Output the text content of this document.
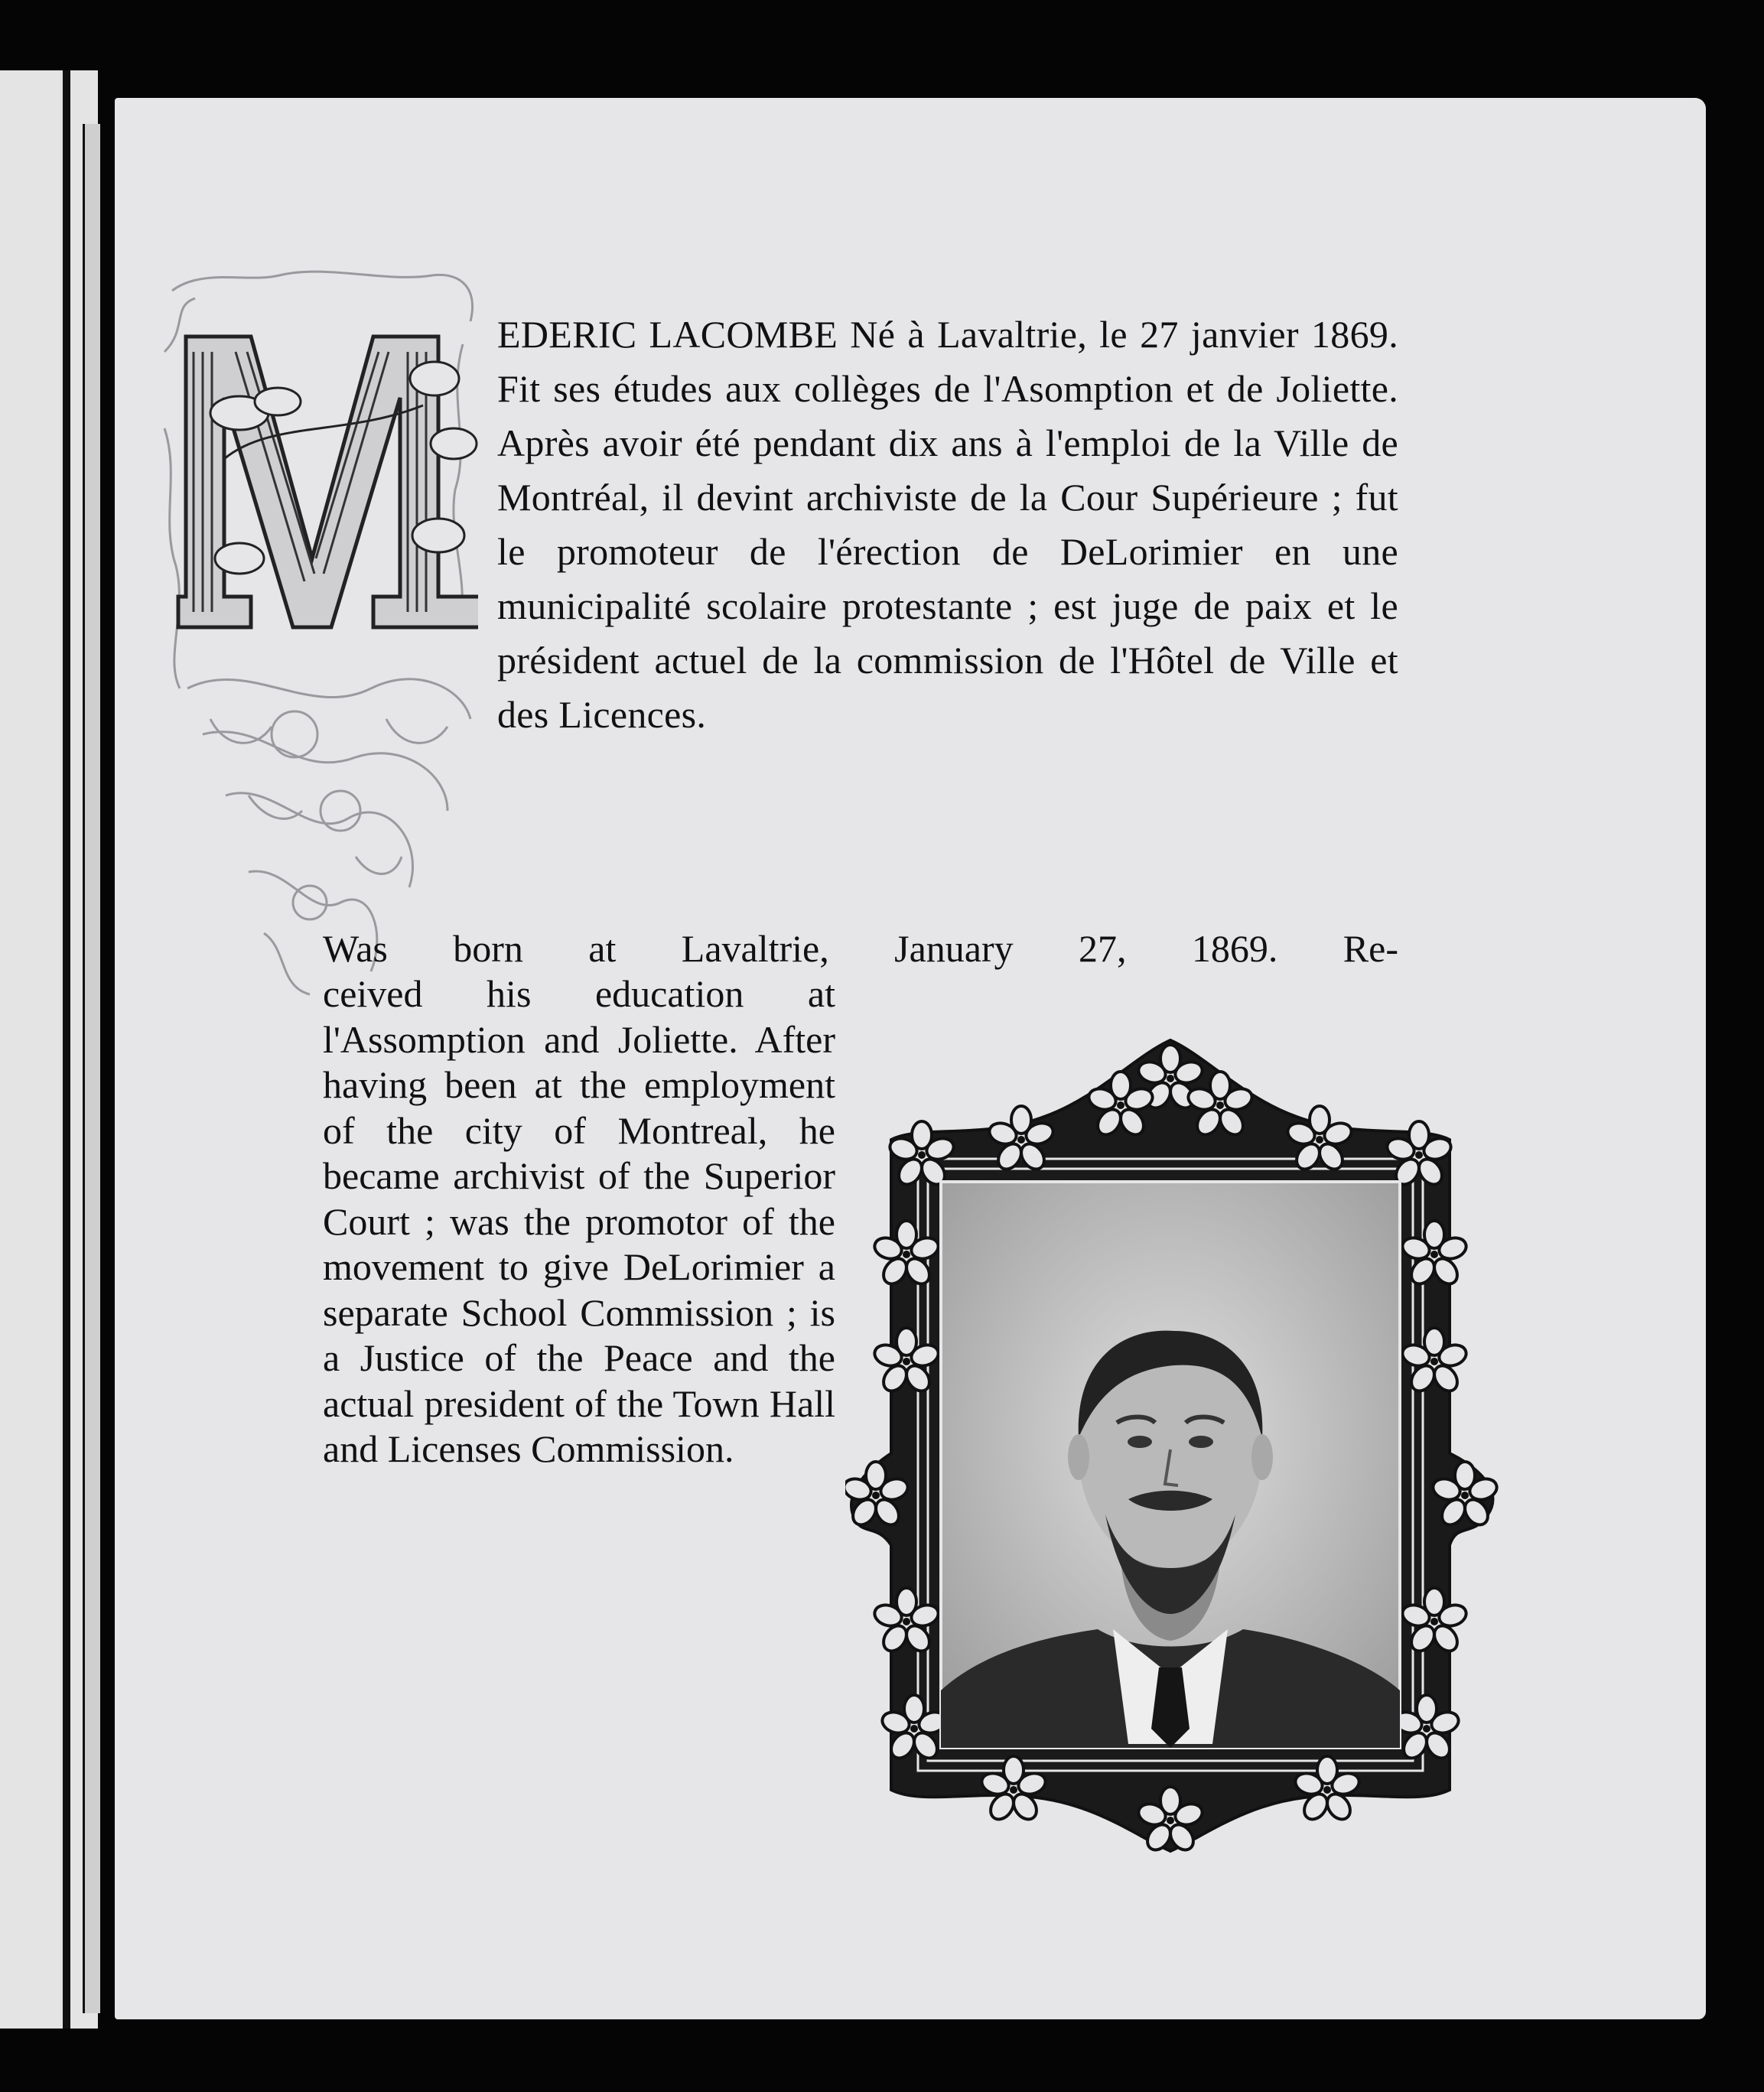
EDERIC LACOMBE Né à Lavaltrie, le 27 janvier 1869. Fit ses études aux collèges de l'Asomption et de Joliette. Après avoir été pendant dix ans à l'emploi de la Ville de Montréal, il devint archiviste de la Cour Supérieure ; fut le promoteur de l'érection de DeLorimier en une municipalité scolaire protestante ; est juge de paix et le président actuel de la commission de l'Hôtel de Ville et des Licences.

Was born at Lavaltrie, January 27, 1869. Re-

ceived his education at l'Assomption and Joliette. After having been at the employment of the city of Montreal, he became archivist of the Superior Court ; was the promotor of the movement to give DeLorimier a separate School Commission ; is a Justice of the Peace and the actual president of the Town Hall and Licenses Commission.
